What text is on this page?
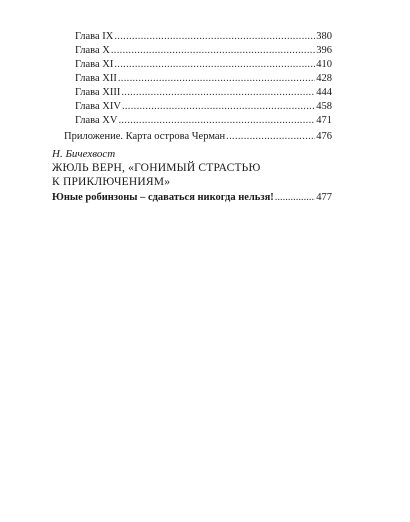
Глава IX .....	380
Глава X .....	396
Глава XI .....	410
Глава XII .....	428
Глава XIII .....	444
Глава XIV .....	458
Глава XV .....	471
Приложение. Карта острова Черман .....	476
Н. Бичехвост
ЖЮЛЬ ВЕРН, «ГОНИМЫЙ СТРАСТЬЮ
К ПРИКЛЮЧЕНИЯМ»
Юные робинзоны – сдаваться никогда нельзя! .....	477
